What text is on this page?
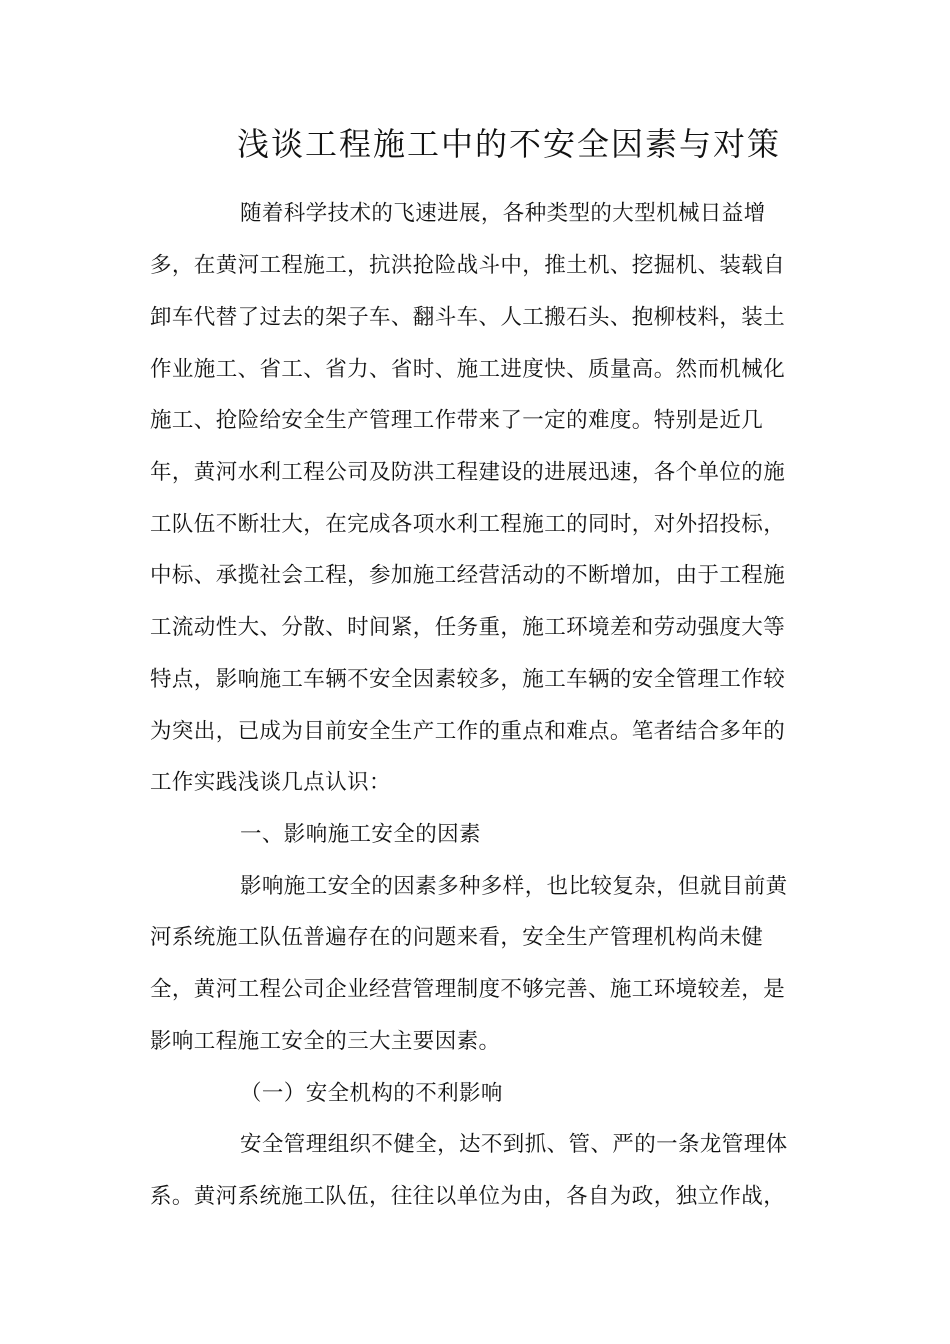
浅谈工程施工中的不安全因素与对策
随着科学技术的飞速进展，各种类型的大型机械日益增
多，在黄河工程施工，抗洪抢险战斗中，推土机、挖掘机、装载自
卸车代替了过去的架子车、翻斗车、人工搬石头、抱柳枝料，装土
作业施工、省工、省力、省时、施工进度快、质量高。然而机械化
施工、抢险给安全生产管理工作带来了一定的难度。特别是近几
年，黄河水利工程公司及防洪工程建设的进展迅速，各个单位的施
工队伍不断壮大，在完成各项水利工程施工的同时，对外招投标，
中标、承揽社会工程，参加施工经营活动的不断增加，由于工程施
工流动性大、分散、时间紧，任务重，施工环境差和劳动强度大等
特点，影响施工车辆不安全因素较多，施工车辆的安全管理工作较
为突出，已成为目前安全生产工作的重点和难点。笔者结合多年的
工作实践浅谈几点认识：
一、影响施工安全的因素
影响施工安全的因素多种多样，也比较复杂，但就目前黄
河系统施工队伍普遍存在的问题来看，安全生产管理机构尚未健
全，黄河工程公司企业经营管理制度不够完善、施工环境较差，是
影响工程施工安全的三大主要因素。
（一）安全机构的不利影响
安全管理组织不健全，达不到抓、管、严的一条龙管理体
系。黄河系统施工队伍，往往以单位为由，各自为政，独立作战，
